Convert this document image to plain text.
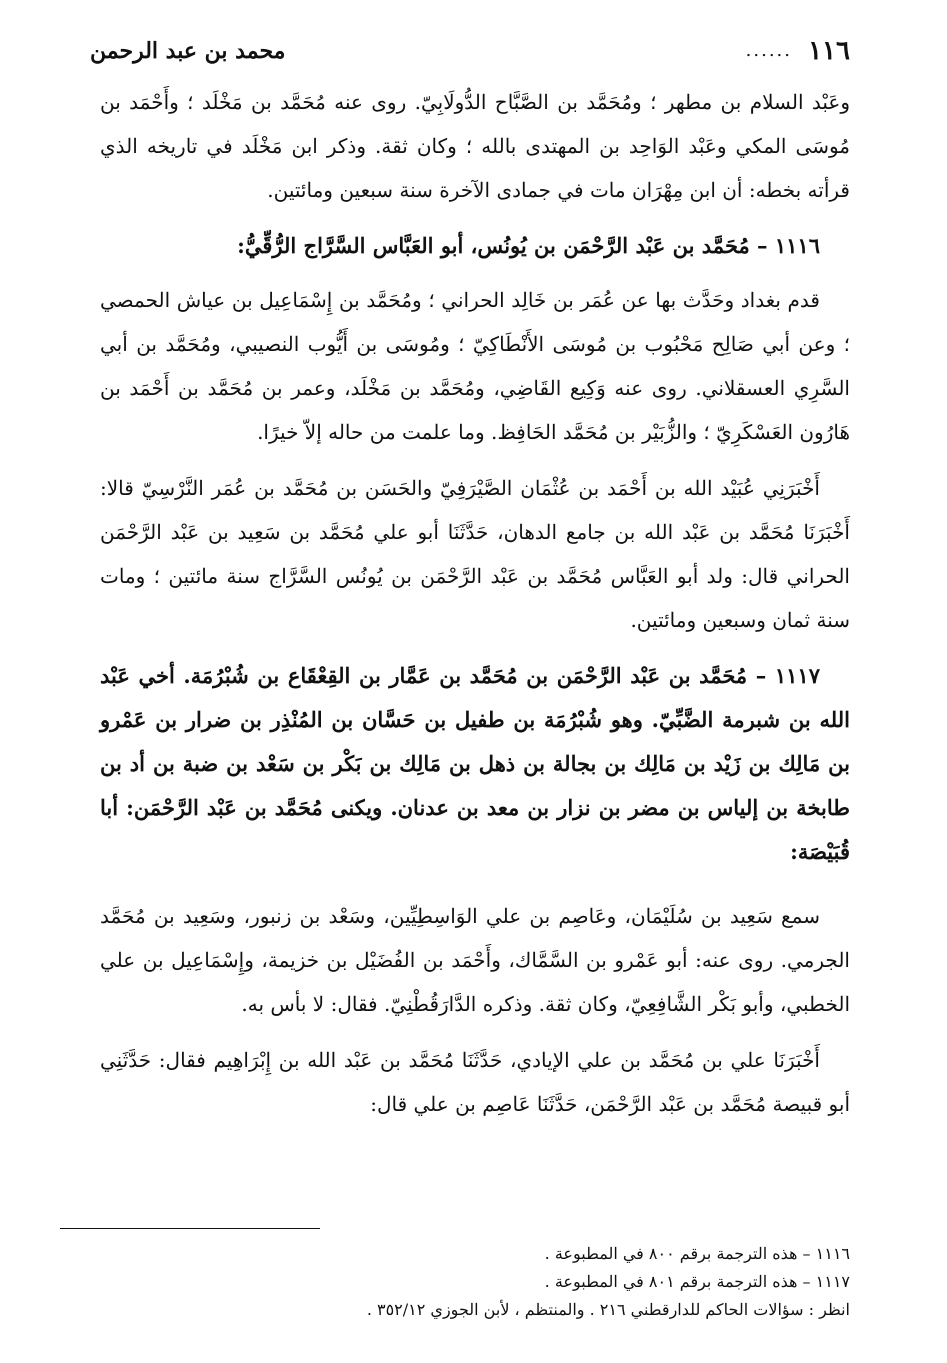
١١٦
......
محمد بن عبد الرحمن

وعَبْد السلام بن مطهر ؛ ومُحَمَّد بن الصَّبَّاح الدُّولَابِيّ. روى عنه مُحَمَّد بن مَخْلَد ؛ وأَحْمَد بن مُوسَى المكي وعَبْد الوَاحِد بن المهتدى بالله ؛ وكان ثقة. وذكر ابن مَخْلَد في تاريخه الذي قرأته بخطه: أن ابن مِهْرَان مات في جمادى الآخرة سنة سبعين ومائتين.

١١١٦ – مُحَمَّد بن عَبْد الرَّحْمَن بن يُونُس، أبو العَبَّاس السَّرَّاج الرُّقِّيُّ:

قدم بغداد وحَدَّث بها عن عُمَر بن خَالِد الحراني ؛ ومُحَمَّد بن إِسْمَاعِيل بن عياش الحمصي ؛ وعن أبي صَالِح مَحْبُوب بن مُوسَى الأَنْطَاكِيّ ؛ ومُوسَى بن أَيُّوب النصيبي، ومُحَمَّد بن أبي السَّرِي العسقلاني. روى عنه وَكِيع القَاضِي، ومُحَمَّد بن مَخْلَد، وعمر بن مُحَمَّد بن أَحْمَد بن هَارُون العَسْكَرِيّ ؛ والزُّبَيْر بن مُحَمَّد الحَافِظ. وما علمت من حاله إلاّ خيرًا.

أَخْبَرَنِي عُبَيْد الله بن أَحْمَد بن عُثْمَان الصَّيْرَفِيّ والحَسَن بن مُحَمَّد بن عُمَر النَّرْسِيّ قالا: أَخْبَرَنَا مُحَمَّد بن عَبْد الله بن جامع الدهان، حَدَّثَنَا أبو علي مُحَمَّد بن سَعِيد بن عَبْد الرَّحْمَن الحراني قال: ولد أبو العَبَّاس مُحَمَّد بن عَبْد الرَّحْمَن بن يُونُس السَّرَّاج سنة مائتين ؛ ومات سنة ثمان وسبعين ومائتين.

١١١٧ – مُحَمَّد بن عَبْد الرَّحْمَن بن مُحَمَّد بن عَمَّار بن القِعْقَاع بن شُبْرُمَة. أخي عَبْد الله بن شبرمة الضَّبِّيّ. وهو شُبْرُمَة بن طفيل بن حَسَّان بن المُنْذِر بن ضرار بن عَمْرو بن مَالِك بن زَيْد بن مَالِك بن بجالة بن ذهل بن مَالِك بن بَكْر بن سَعْد بن ضبة بن أد بن طابخة بن إلياس بن مضر بن نزار بن معد بن عدنان. ويكنى مُحَمَّد بن عَبْد الرَّحْمَن: أبا قُبَيْصَة:

سمع سَعِيد بن سُلَيْمَان، وعَاصِم بن علي الوَاسِطِيِّين، وسَعْد بن زنبور، وسَعِيد بن مُحَمَّد الجرمي. روى عنه: أبو عَمْرو بن السَّمَّاك، وأَحْمَد بن الفُضَيْل بن خزيمة، وإِسْمَاعِيل بن علي الخطبي، وأبو بَكْر الشَّافِعِيّ، وكان ثقة. وذكره الدَّارَقُطْنِيّ. فقال: لا بأس به.

أَخْبَرَنَا علي بن مُحَمَّد بن علي الإيادي، حَدَّثَنَا مُحَمَّد بن عَبْد الله بن إِبْرَاهِيم فقال: حَدَّثَنِي أبو قبيصة مُحَمَّد بن عَبْد الرَّحْمَن، حَدَّثَنَا عَاصِم بن علي قال:

١١١٦ – هذه الترجمة برقم ٨٠٠ في المطبوعة .

١١١٧ – هذه الترجمة برقم ٨٠١ في المطبوعة .

انظر : سؤالات الحاكم للدارقطني ٢١٦ . والمنتظم ، لأبن الجوزي ٣٥٢/١٢ .
